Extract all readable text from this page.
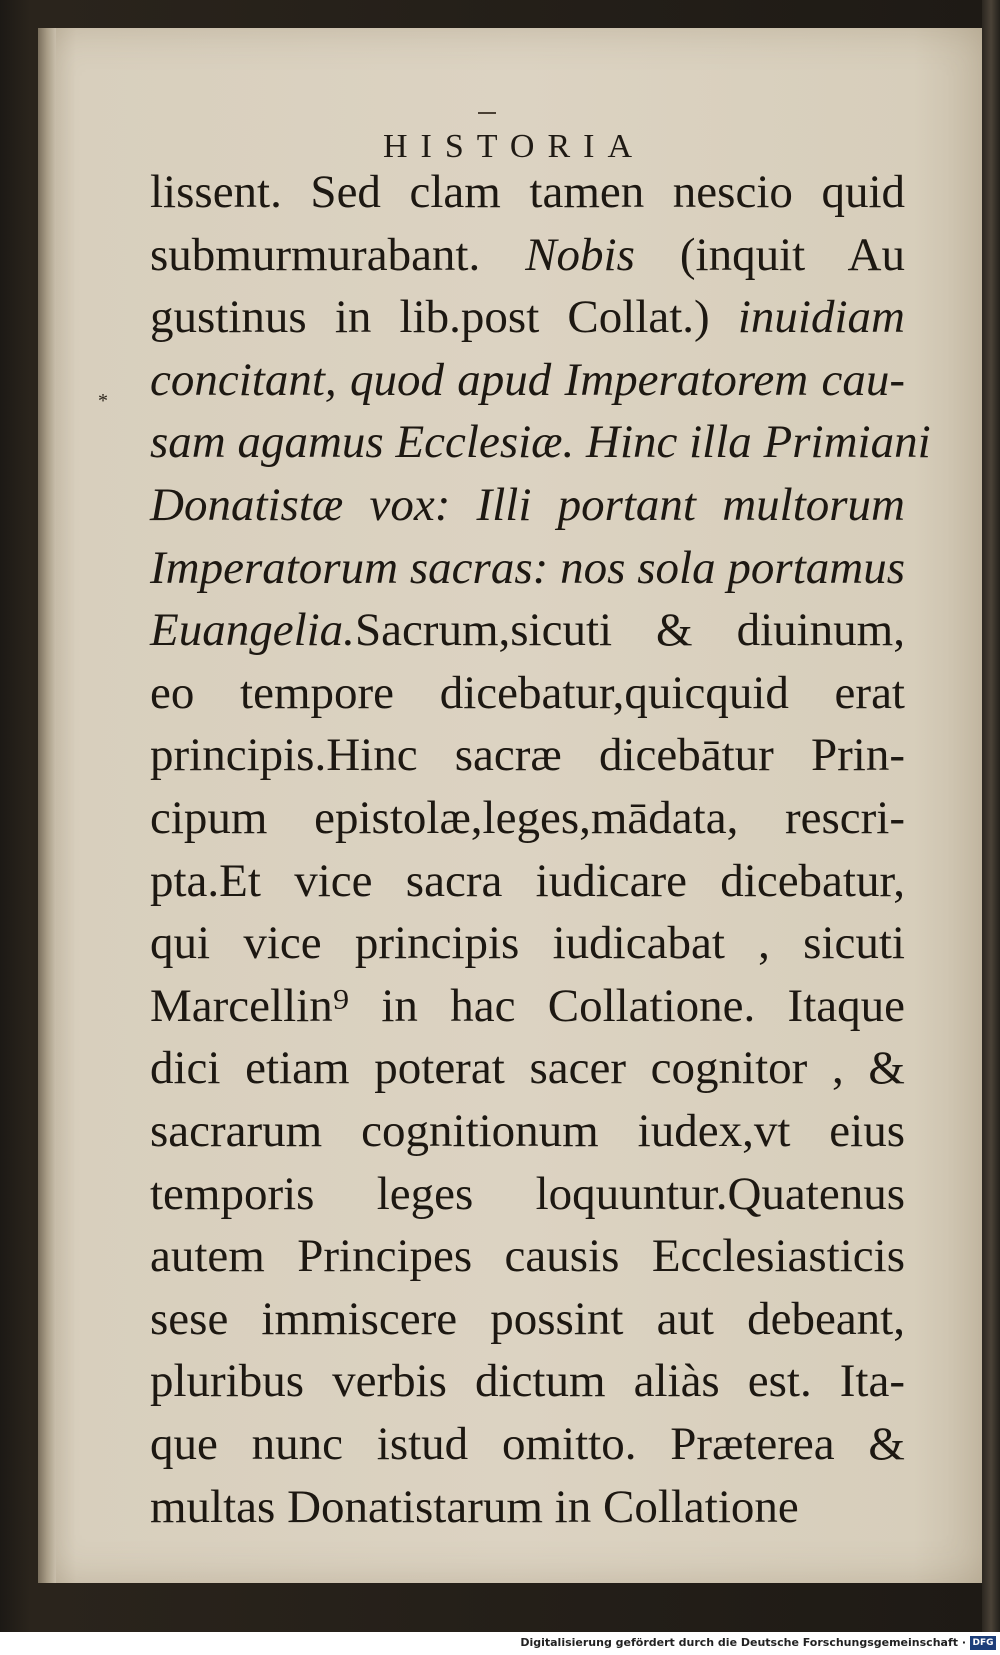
HISTORIA
*
lissent. Sed clam tamen nescio quid
submurmurabant. Nobis (inquit Au
gustinus in lib.post Collat.) inuidiam
concitant, quod apud Imperatorem cau-
sam agamus Ecclesiæ. Hinc illa Primiani
Donatistæ vox: Illi portant multorum
Imperatorum sacras: nos sola portamus
Euangelia.Sacrum,sicuti & diuinum,
eo tempore dicebatur,quicquid erat
principis.Hinc sacræ dicebātur Prin-
cipum epistolæ,leges,mādata, rescri-
pta.Et vice sacra iudicare dicebatur,
qui vice principis iudicabat , sicuti
Marcellin⁹ in hac Collatione. Itaque
dici etiam poterat sacer cognitor , &
sacrarum cognitionum iudex,vt eius
temporis leges loquuntur.Quatenus
autem Principes causis Ecclesiasticis
sese immiscere possint aut debeant,
pluribus verbis dictum aliàs est. Ita-
que nunc istud omitto. Præterea &
multas Donatistarum in Collatione
Digitalisierung gefördert durch die Deutsche Forschungsgemeinschaft · DFG
